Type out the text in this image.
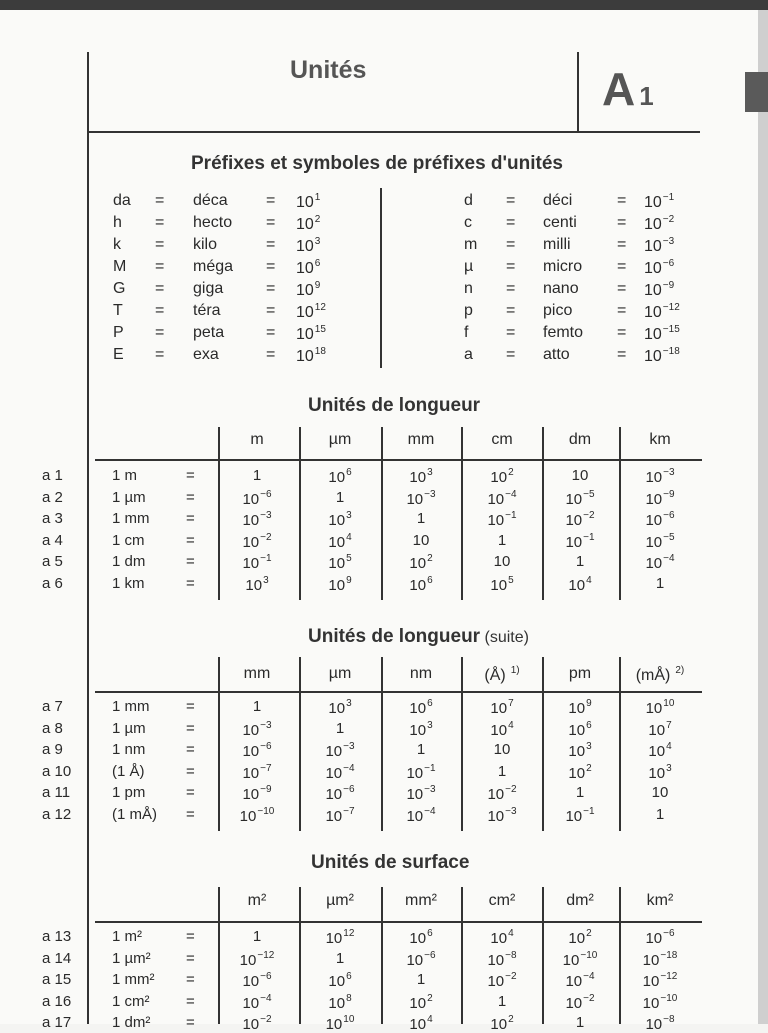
Unités	A 1
Préfixes et symboles de préfixes d'unités
da = déca = $10^1$
h = hecto = $10^2$
k = kilo	= $10^3$
M = méga = $10^6$
G = giga	= $10^9$
T = téra	= $10^{12}$
P = peta	= $10^{15}$
E = exa	= $10^{18}$
d = déci	= $10^{-1}$
c = centi	= $10^{-2}$
m = milli	= $10^{-3}$
µ = micro = $10^{-6}$
n = nano = $10^{-9}$
p = pico	= $10^{-12}$
f = femto = $10^{-15}$
a = atto	= $10^{-18}$
Unités de longueur
m	µm	mm	cm	dm	km
a 1	1 m	=	1	$10^6$	$10^3$	$10^2$	10	$10^{-3}$
a 2	1 µm	=	$10^{-6}$	1	$10^{-3}$	$10^{-4}$	$10^{-5}$	$10^{-9}$
a 3	1 mm =	$10^{-3}$	$10^3$	1	$10^{-1}$	$10^{-2}$	$10^{-6}$
a 4	1 cm	=	$10^{-2}$	$10^4$	10	1	$10^{-1}$	$10^{-5}$
a 5	1 dm	=	$10^{-1}$	$10^5$	$10^2$	10	1	$10^{-4}$
a 6	1 km	=	$10^3$	$10^9$	$10^6$	$10^5$	$10^4$	1
Unités de longueur (suite)
mm	µm	nm	(Å) $^{1)}$	pm	(mÅ) $^{2)}$
a 7	1 mm =	1	$10^3$	$10^6$	$10^7$	$10^9$	$10^{10}$
a 8	1 µm	=	$10^{-3}$	1	$10^3$	$10^4$	$10^6$	$10^7$
a 9	1 nm	=	$10^{-6}$	$10^{-3}$	1	10	$10^3$	$10^4$
a 10	(1 Å)	=	$10^{-7}$	$10^{-4}$	$10^{-1}$	1	$10^2$	$10^3$
a 11	1 pm	=	$10^{-9}$	$10^{-6}$	$10^{-3}$	$10^{-2}$	1	10
a 12	(1 mÅ) =	$10^{-10}$	$10^{-7}$	$10^{-4}$	$10^{-3}$	$10^{-1}$	1
Unités de surface
m²	µm²	mm²	cm²	dm²	km²
a 13	1 m²	=	1	$10^{12}$	$10^6$	$10^4$	$10^2$	$10^{-6}$
a 14	1 µm² =	$10^{-12}$	1	$10^{-6}$	$10^{-8}$	$10^{-10}$	$10^{-18}$
a 15	1 mm² =	$10^{-6}$	$10^6$	1	$10^{-2}$	$10^{-4}$	$10^{-12}$
a 16	1 cm² =	$10^{-4}$	$10^8$	$10^2$	1	$10^{-2}$	$10^{-10}$
a 17	1 dm² =	$10^{-2}$	$10^{10}$	$10^4$	$10^2$	1	$10^{-8}$
